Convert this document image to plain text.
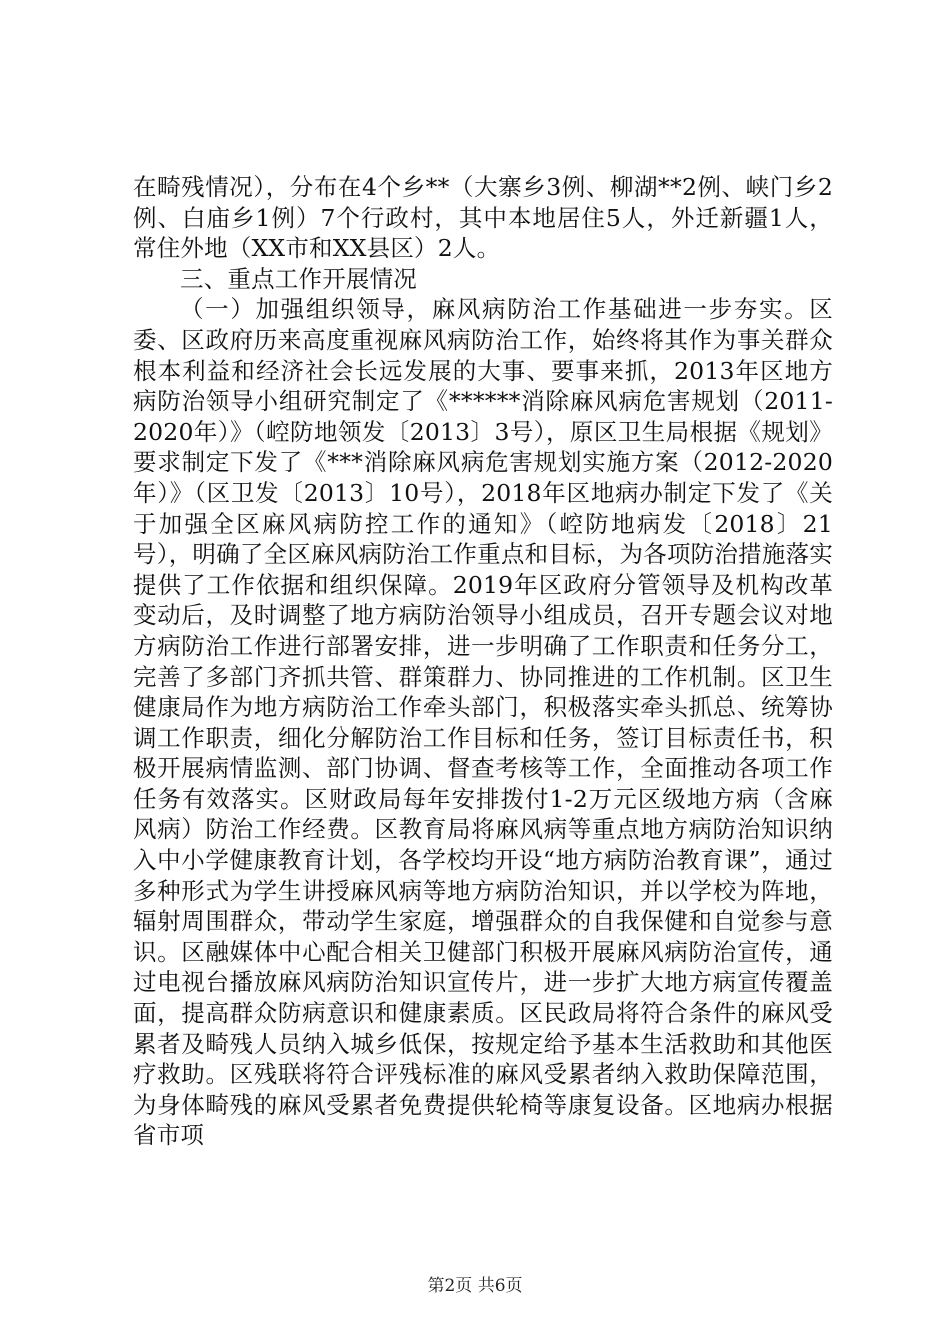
在畸残情况），分布在4个乡**（大寨乡3例、柳湖**2例、峡门乡2例、白庙乡1例）7个行政村，其中本地居住5人，外迁新疆1人，常住外地（XX市和XX县区）2人。

三、重点工作开展情况

（一）加强组织领导，麻风病防治工作基础进一步夯实。区委、区政府历来高度重视麻风病防治工作，始终将其作为事关群众根本利益和经济社会长远发展的大事、要事来抓，2013年区地方病防治领导小组研究制定了《******消除麻风病危害规划（2011-2020年）》（崆防地领发〔2013〕3号），原区卫生局根据《规划》要求制定下发了《***消除麻风病危害规划实施方案（2012-2020年）》（区卫发〔2013〕10号），2018年区地病办制定下发了《关于加强全区麻风病防控工作的通知》（崆防地病发〔2018〕21号），明确了全区麻风病防治工作重点和目标，为各项防治措施落实提供了工作依据和组织保障。2019年区政府分管领导及机构改革变动后，及时调整了地方病防治领导小组成员，召开专题会议对地方病防治工作进行部署安排，进一步明确了工作职责和任务分工，完善了多部门齐抓共管、群策群力、协同推进的工作机制。区卫生健康局作为地方病防治工作牵头部门，积极落实牵头抓总、统筹协调工作职责，细化分解防治工作目标和任务，签订目标责任书，积极开展病情监测、部门协调、督查考核等工作，全面推动各项工作任务有效落实。区财政局每年安排拨付1-2万元区级地方病（含麻风病）防治工作经费。区教育局将麻风病等重点地方病防治知识纳入中小学健康教育计划，各学校均开设“地方病防治教育课”，通过多种形式为学生讲授麻风病等地方病防治知识，并以学校为阵地，辐射周围群众，带动学生家庭，增强群众的自我保健和自觉参与意识。区融媒体中心配合相关卫健部门积极开展麻风病防治宣传，通过电视台播放麻风病防治知识宣传片，进一步扩大地方病宣传覆盖面，提高群众防病意识和健康素质。区民政局将符合条件的麻风受累者及畸残人员纳入城乡低保，按规定给予基本生活救助和其他医疗救助。区残联将符合评残标准的麻风受累者纳入救助保障范围，为身体畸残的麻风受累者免费提供轮椅等康复设备。区地病办根据省市项

第2页 共6页
